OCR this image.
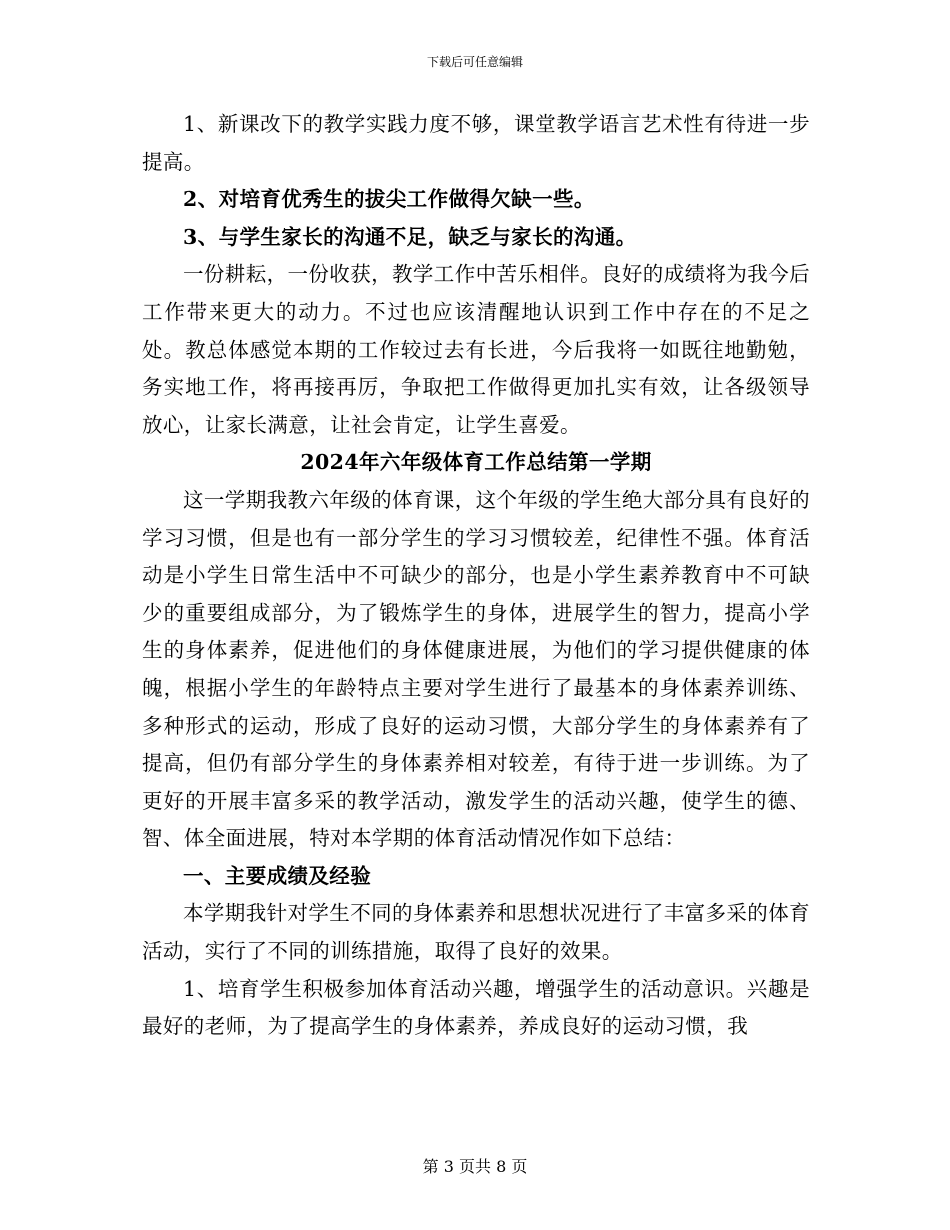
下载后可任意编辑

1、新课改下的教学实践力度不够，课堂教学语言艺术性有待进一步提高。

2、对培育优秀生的拔尖工作做得欠缺一些。

3、与学生家长的沟通不足，缺乏与家长的沟通。

一份耕耘，一份收获，教学工作中苦乐相伴。良好的成绩将为我今后工作带来更大的动力。不过也应该清醒地认识到工作中存在的不足之处。教总体感觉本期的工作较过去有长进，今后我将一如既往地勤勉，务实地工作，将再接再厉，争取把工作做得更加扎实有效，让各级领导放心，让家长满意，让社会肯定，让学生喜爱。

2024年六年级体育工作总结第一学期

这一学期我教六年级的体育课，这个年级的学生绝大部分具有良好的学习习惯，但是也有一部分学生的学习习惯较差，纪律性不强。体育活动是小学生日常生活中不可缺少的部分，也是小学生素养教育中不可缺少的重要组成部分，为了锻炼学生的身体，进展学生的智力，提高小学生的身体素养，促进他们的身体健康进展，为他们的学习提供健康的体魄，根据小学生的年龄特点主要对学生进行了最基本的身体素养训练、多种形式的运动，形成了良好的运动习惯，大部分学生的身体素养有了提高，但仍有部分学生的身体素养相对较差，有待于进一步训练。为了更好的开展丰富多采的教学活动，激发学生的活动兴趣，使学生的德、智、体全面进展，特对本学期的体育活动情况作如下总结：

一、主要成绩及经验

本学期我针对学生不同的身体素养和思想状况进行了丰富多采的体育活动，实行了不同的训练措施，取得了良好的效果。

1、培育学生积极参加体育活动兴趣，增强学生的活动意识。兴趣是最好的老师，为了提高学生的身体素养，养成良好的运动习惯，我

第 3 页共 8 页
